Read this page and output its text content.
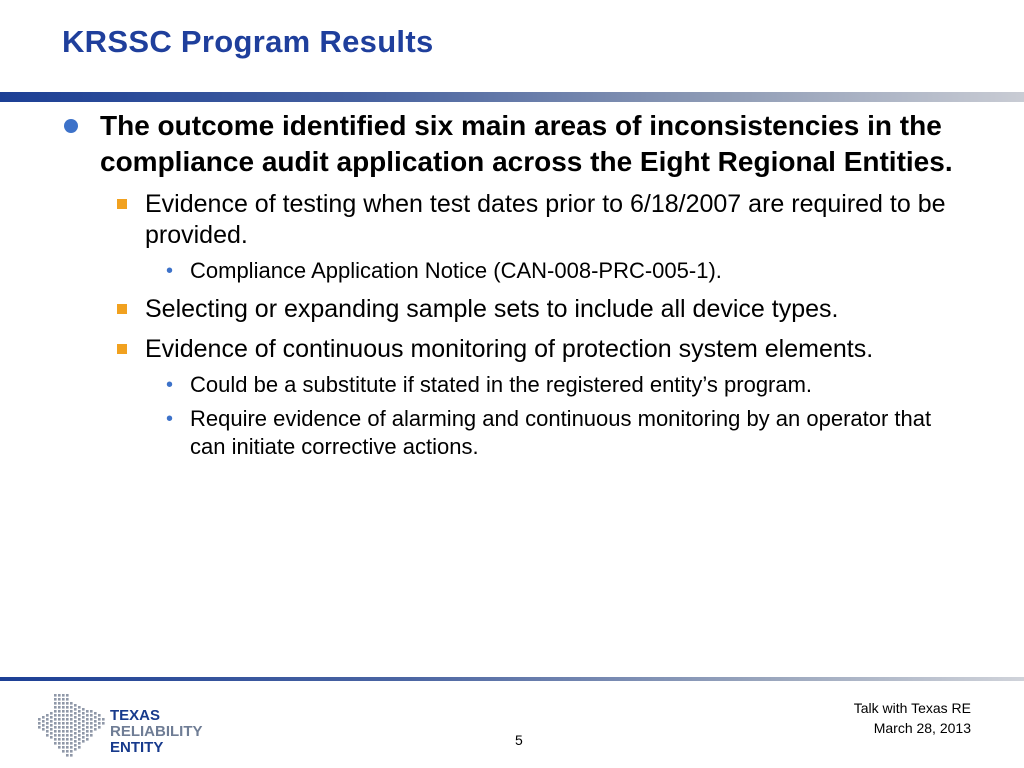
KRSSC Program Results
The outcome identified six main areas of inconsistencies in the compliance audit application across the Eight Regional Entities.
Evidence of testing when test dates prior to 6/18/2007 are required to be provided.
• Compliance Application Notice (CAN-008-PRC-005-1).
Selecting or expanding sample sets to include all device types.
Evidence of continuous monitoring of protection system elements.
• Could be a substitute if stated in the registered entity’s program.
• Require evidence of alarming and continuous monitoring by an operator that can initiate corrective actions.
TEXAS
RELIABILITY
ENTITY
Talk with Texas RE
March 28, 2013
5
